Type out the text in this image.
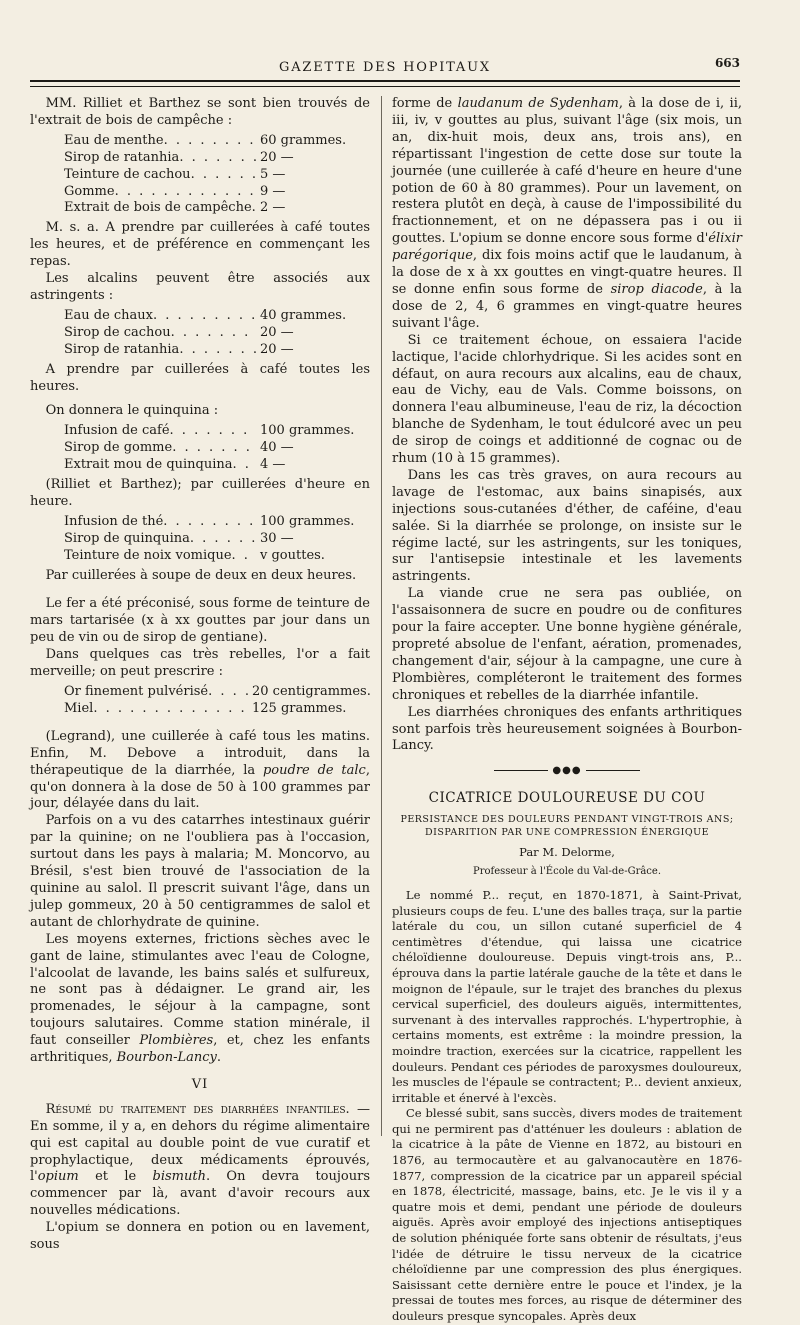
GAZETTE DES HOPITAUX	663

MM. Rilliet et Barthez se sont bien trouvés de l'extrait de bois de campêche :

Eau de menthe . . .	60 grammes.
Sirop de ratanhia . . .	20 —
Teinture de cachou . . .	5 —
Gomme . . .	9 —
Extrait de bois de campêche . . . 2 —

M. s. a. A prendre par cuillerées à café toutes les heures, et de préférence en commençant les repas.

Les alcalins peuvent être associés aux astringents :

Eau de chaux . . .	40 grammes.
Sirop de cachou . . .	20 —
Sirop de ratanhia . . .	20 —

A prendre par cuillerées à café toutes les heures.

On donnera le quinquina :

Infusion de café . . .	100 grammes.
Sirop de gomme . . .	40 —
Extrait mou de quinquina . . .	4 —

(Rilliet et Barthez); par cuillerées d'heure en heure.

Infusion de thé . . .	100 grammes.
Sirop de quinquina . . .	30 —
Teinture de noix vomique . . .	v gouttes.

Par cuillerées à soupe de deux en deux heures.

Le fer a été préconisé, sous forme de teinture de mars tartarisée (x à xx gouttes par jour dans un peu de vin ou de sirop de gentiane).

Dans quelques cas très rebelles, l'or a fait merveille; on peut prescrire :

Or finement pulvérisé . . .	20 centigrammes.
Miel . . .	125 grammes.

(Legrand), une cuillerée à café tous les matins. Enfin, M. Debove a introduit, dans la thérapeutique de la diarrhée, la poudre de talc, qu'on donnera à la dose de 50 à 100 grammes par jour, délayée dans du lait.

Parfois on a vu des catarrhes intestinaux guérir par la quinine; on ne l'oubliera pas à l'occasion, surtout dans les pays à malaria; M. Moncorvo, au Brésil, s'est bien trouvé de l'association de la quinine au salol. Il prescrit suivant l'âge, dans un julep gommeux, 20 à 50 centigrammes de salol et autant de chlorhydrate de quinine.

Les moyens externes, frictions sèches avec le gant de laine, stimulantes avec l'eau de Cologne, l'alcoolat de lavande, les bains salés et sulfureux, ne sont pas à dédaigner. Le grand air, les promenades, le séjour à la campagne, sont toujours salutaires. Comme station minérale, il faut conseiller Plombières, et, chez les enfants arthritiques, Bourbon-Lancy.

VI

Résumé du traitement des diarrhées infantiles. — En somme, il y a, en dehors du régime alimentaire qui est capital au double point de vue curatif et prophylactique, deux médicaments éprouvés, l'opium et le bismuth. On devra toujours commencer par là, avant d'avoir recours aux nouvelles médications.

L'opium se donnera en potion ou en lavement, sous

forme de laudanum de Sydenham, à la dose de i, ii, iii, iv, v gouttes au plus, suivant l'âge (six mois, un an, dix-huit mois, deux ans, trois ans), en répartissant l'ingestion de cette dose sur toute la journée (une cuillerée à café d'heure en heure d'une potion de 60 à 80 grammes). Pour un lavement, on restera plutôt en deçà, à cause de l'impossibilité du fractionnement, et on ne dépassera pas i ou ii gouttes. L'opium se donne encore sous forme d'élixir parégorique, dix fois moins actif que le laudanum, à la dose de x à xx gouttes en vingt-quatre heures. Il se donne enfin sous forme de sirop diacode, à la dose de 2, 4, 6 grammes en vingt-quatre heures suivant l'âge.

Si ce traitement échoue, on essaiera l'acide lactique, l'acide chlorhydrique. Si les acides sont en défaut, on aura recours aux alcalins, eau de chaux, eau de Vichy, eau de Vals. Comme boissons, on donnera l'eau albumineuse, l'eau de riz, la décoction blanche de Sydenham, le tout édulcoré avec un peu de sirop de coings et additionné de cognac ou de rhum (10 à 15 grammes).

Dans les cas très graves, on aura recours au lavage de l'estomac, aux bains sinapisés, aux injections sous-cutanées d'éther, de caféine, d'eau salée. Si la diarrhée se prolonge, on insiste sur le régime lacté, sur les astringents, sur les toniques, sur l'antisepsie intestinale et les lavements astringents.

La viande crue ne sera pas oubliée, on l'assaisonnera de sucre en poudre ou de confitures pour la faire accepter. Une bonne hygiène générale, propreté absolue de l'enfant, aération, promenades, changement d'air, séjour à la campagne, une cure à Plombières, compléteront le traitement des formes chroniques et rebelles de la diarrhée infantile.

Les diarrhées chroniques des enfants arthritiques sont parfois très heureusement soignées à Bourbon-Lancy.

●●●
CICATRICE DOULOUREUSE DU COU
PERSISTANCE DES DOULEURS PENDANT VINGT-TROIS ANS; DISPARITION PAR UNE COMPRESSION ÉNERGIQUE
Par M. Delorme,
Professeur à l'École du Val-de-Grâce.

Le nommé P... reçut, en 1870-1871, à Saint-Privat, plusieurs coups de feu. L'une des balles traça, sur la partie latérale du cou, un sillon cutané superficiel de 4 centimètres d'étendue, qui laissa une cicatrice chéloïdienne douloureuse. Depuis vingt-trois ans, P... éprouva dans la partie latérale gauche de la tête et dans le moignon de l'épaule, sur le trajet des branches du plexus cervical superficiel, des douleurs aiguës, intermittentes, survenant à des intervalles rapprochés. L'hypertrophie, à certains moments, est extrême : la moindre pression, la moindre traction, exercées sur la cicatrice, rappellent les douleurs. Pendant ces périodes de paroxysmes douloureux, les muscles de l'épaule se contractent; P... devient anxieux, irritable et énervé à l'excès.

Ce blessé subit, sans succès, divers modes de traitement qui ne permirent pas d'atténuer les douleurs : ablation de la cicatrice à la pâte de Vienne en 1872, au bistouri en 1876, au termocautère et au galvanocautère en 1876-1877, compression de la cicatrice par un appareil spécial en 1878, électricité, massage, bains, etc. Je le vis il y a quatre mois et demi, pendant une période de douleurs aiguës. Après avoir employé des injections antiseptiques de solution phéniquée forte sans obtenir de résultats, j'eus l'idée de détruire le tissu nerveux de la cicatrice chéloïdienne par une compression des plus énergiques. Saisissant cette dernière entre le pouce et l'index, je la pressai de toutes mes forces, au risque de déterminer des douleurs presque syncopales. Après deux
